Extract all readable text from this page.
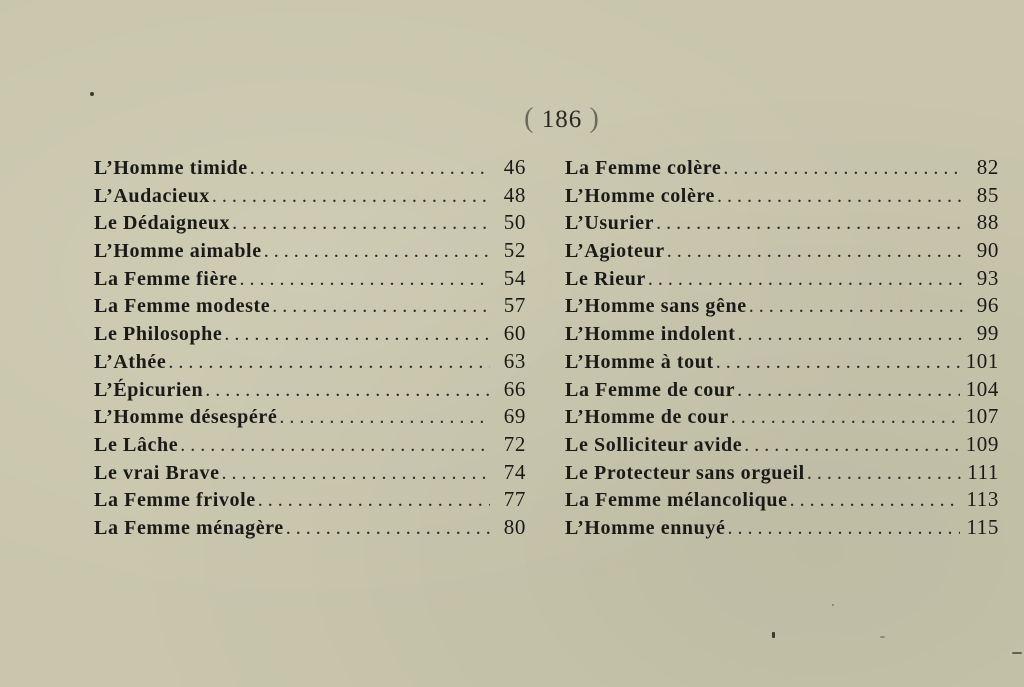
( 186 )
L’Homme timide . . .	46
L’Audacieux . . .	48
Le Dédaigneux . . .	50
L’Homme aimable . . .	52
La Femme fière . . .	54
La Femme modeste . . .	57
Le Philosophe . . .	60
L’Athée . . .	63
L’Épicurien . . .	66
L’Homme désespéré . . .	69
Le Lâche . . .	72
Le vrai Brave . . .	74
La Femme frivole . . .	77
La Femme ménagère . . .	80
La Femme colère . . .	82
L’Homme colère . . .	85
L’Usurier . . .	88
L’Agioteur . . .	90
Le Rieur . . .	93
L’Homme sans gêne . . .	96
L’Homme indolent . . .	99
L’Homme à tout . . .	101
La Femme de cour . . .	104
L’Homme de cour . . .	107
Le Solliciteur avide . . .	109
Le Protecteur sans orgueil . . .	111
La Femme mélancolique . . .	113
L’Homme ennuyé . . .	115
